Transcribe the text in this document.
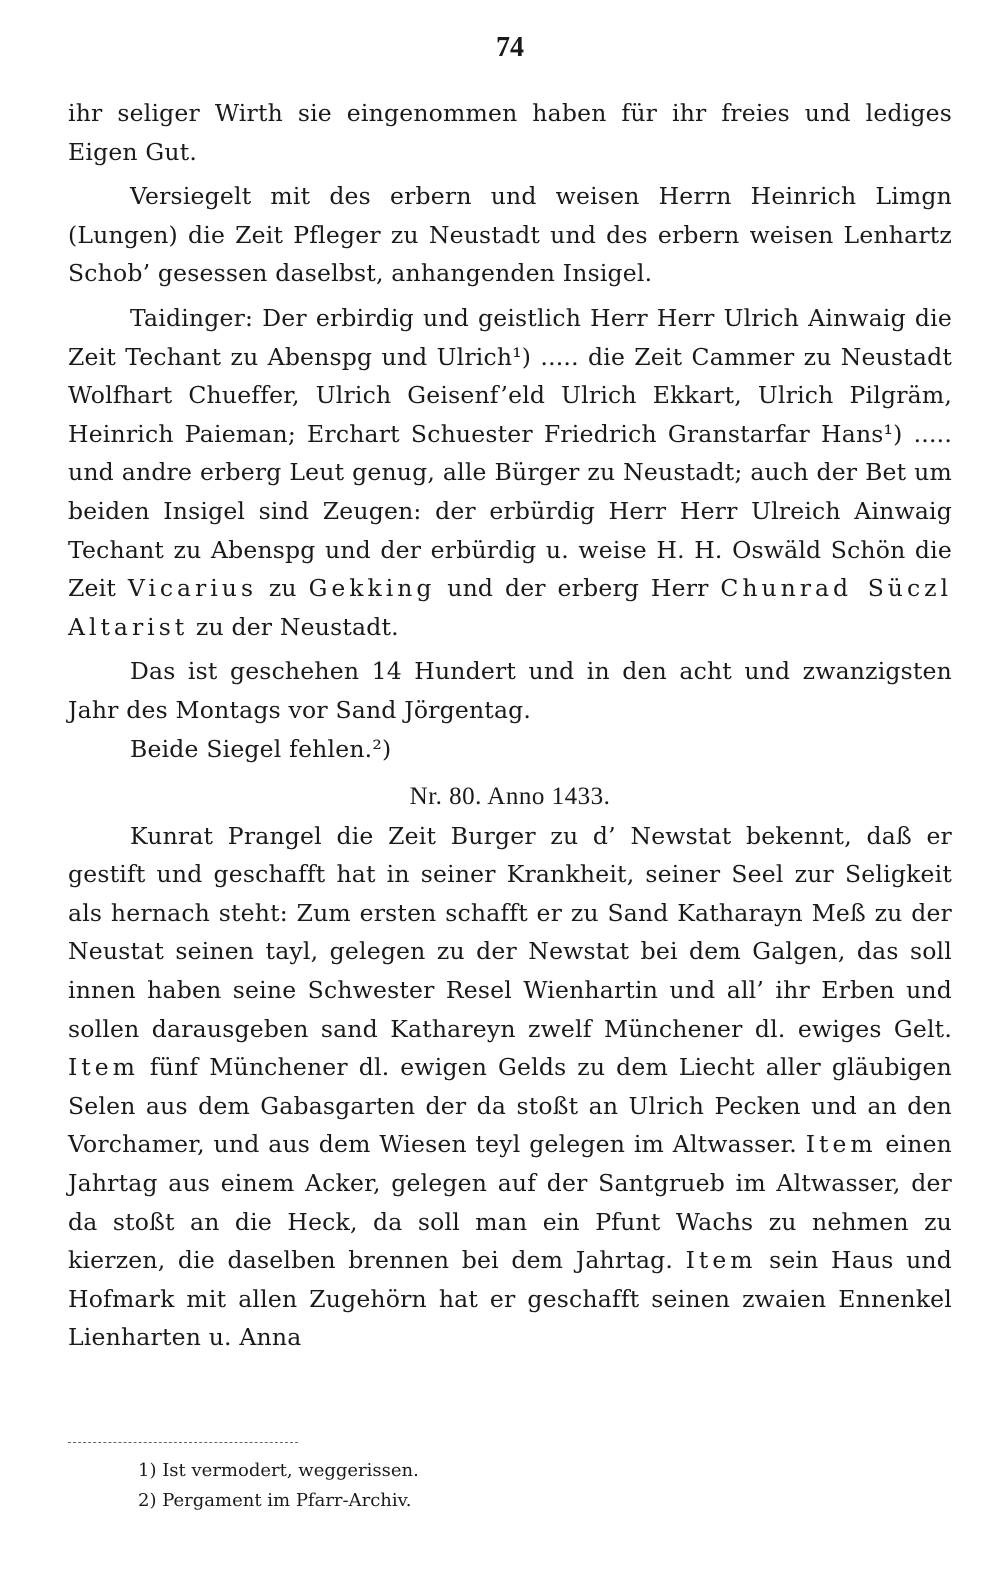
74

ihr seliger Wirth sie eingenommen haben für ihr freies und lediges Eigen Gut.

Versiegelt mit des erbern und weisen Herrn Heinrich Limgn (Lungen) die Zeit Pfleger zu Neustadt und des erbern weisen Lenhartz Schob’ gesessen daselbst, anhangenden Insigel.

Taidinger: Der erbirdig und geistlich Herr Herr Ulrich Ainwaig die Zeit Techant zu Abenspg und Ulrich¹) ..... die Zeit Cammer zu Neustadt Wolfhart Chueffer, Ulrich Geisenf’eld Ulrich Ekkart, Ulrich Pilgräm, Heinrich Paieman; Erchart Schuester Friedrich Granstarfar Hans¹) ..... und andre erberg Leut genug, alle Bürger zu Neustadt; auch der Bet um beiden Insigel sind Zeugen: der erbürdig Herr Herr Ulreich Ainwaig Techant zu Abenspg und der erbürdig u. weise H. H. Oswäld Schön die Zeit Vicarius zu Gekking und der erberg Herr Chunrad Süczl Altarist zu der Neustadt.

Das ist geschehen 14 Hundert und in den acht und zwanzigsten Jahr des Montags vor Sand Jörgentag.

Beide Siegel fehlen.²)

Nr. 80. Anno 1433.

Kunrat Prangel die Zeit Burger zu d’ Newstat bekennt, daß er gestift und geschafft hat in seiner Krankheit, seiner Seel zur Seligkeit als hernach steht: Zum ersten schafft er zu Sand Katharayn Meß zu der Neustat seinen tayl, gelegen zu der Newstat bei dem Galgen, das soll innen haben seine Schwester Resel Wienhartin und all’ ihr Erben und sollen darausgeben sand Katharеyn zwelf Münchener dl. ewiges Gelt. Item fünf Münchener dl. ewigen Gelds zu dem Liecht aller gläubigen Selen aus dem Gabasgarten der da stoßt an Ulrich Pecken und an den Vorchamer, und aus dem Wiesen teyl gelegen im Altwasser. Item einen Jahrtag aus einem Acker, gelegen auf der Santgrueb im Altwasser, der da stoßt an die Heck, da soll man ein Pfunt Wachs zu nehmen zu kierzen, die daselben brennen bei dem Jahrtag. Item sein Haus und Hofmark mit allen Zugehörn hat er geschafft seinen zwaien Ennenkel Lienharten u. Anna

1) Ist vermodert, weggerissen.

2) Pergament im Pfarr-Archiv.
